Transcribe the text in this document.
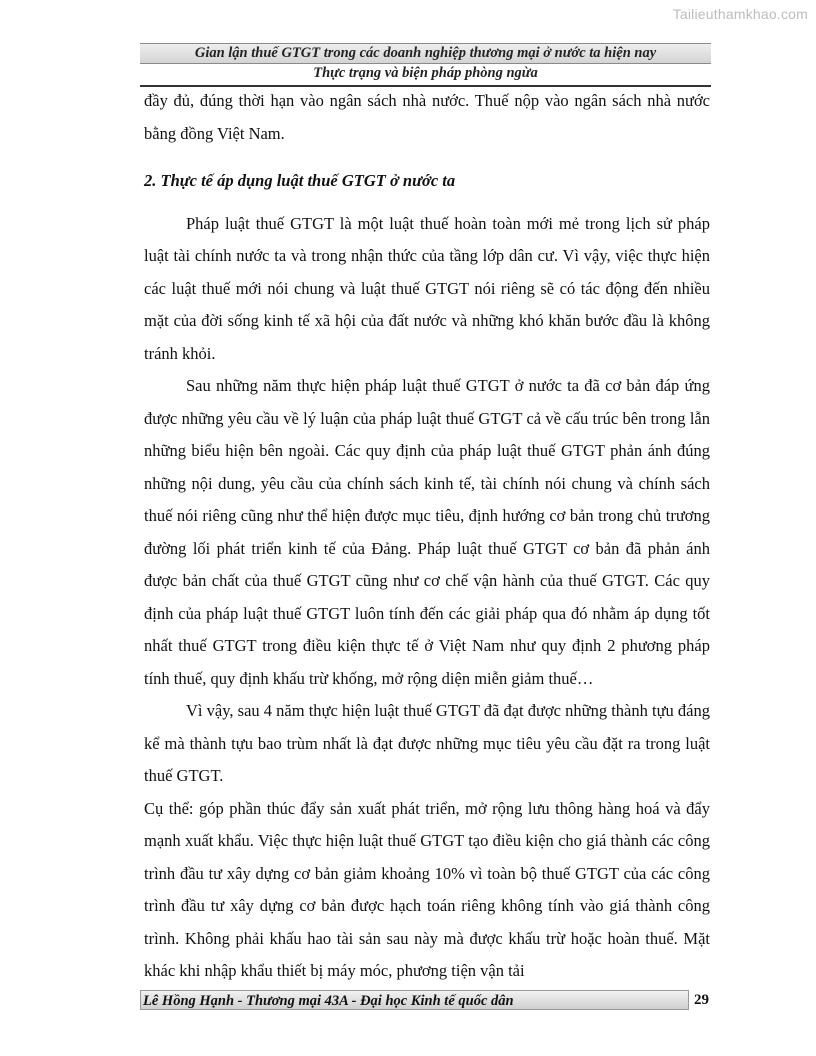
Tailieuthamkhao.com
Gian lận thuế GTGT trong các doanh nghiệp thương mại ở nước ta hiện nay
Thực trạng và biện pháp phòng ngừa

đầy đủ, đúng thời hạn vào ngân sách nhà nước. Thuế nộp vào ngân sách nhà nước bằng đồng Việt Nam.

2. Thực tế áp dụng luật thuế GTGT ở nước ta

Pháp luật thuế GTGT là một luật thuế hoàn toàn mới mẻ trong lịch sử pháp luật tài chính nước ta và trong nhận thức của tầng lớp dân cư. Vì vậy, việc thực hiện các luật thuế mới nói chung và luật thuế GTGT nói riêng sẽ có tác động đến nhiều mặt của đời sống kinh tế xã hội của đất nước và những khó khăn bước đầu là không tránh khỏi.

Sau những năm thực hiện pháp luật thuế GTGT ở nước ta đã cơ bản đáp ứng được những yêu cầu về lý luận của pháp luật thuế GTGT cả về cấu trúc bên trong lẫn những biểu hiện bên ngoài. Các quy định của pháp luật thuế GTGT phản ánh đúng những nội dung, yêu cầu của chính sách kinh tế, tài chính nói chung và chính sách thuế nói riêng cũng như thể hiện được mục tiêu, định hướng cơ bản trong chủ trương đường lối phát triển kinh tế của Đảng. Pháp luật thuế GTGT cơ bản đã phản ánh được bản chất của thuế GTGT cũng như cơ chế vận hành của thuế GTGT. Các quy định của pháp luật thuế GTGT luôn tính đến các giải pháp qua đó nhằm áp dụng tốt nhất thuế GTGT trong điều kiện thực tế ở Việt Nam như quy định 2 phương pháp tính thuế, quy định khấu trừ khống, mở rộng diện miễn giảm thuế…

Vì vậy, sau 4 năm thực hiện luật thuế GTGT đã đạt được những thành tựu đáng kể mà thành tựu bao trùm nhất là đạt được những mục tiêu yêu cầu đặt ra trong luật thuế GTGT.

Cụ thể: góp phần thúc đẩy sản xuất phát triển, mở rộng lưu thông hàng hoá và đẩy mạnh xuất khẩu. Việc thực hiện luật thuế GTGT tạo điều kiện cho giá thành các công trình đầu tư xây dựng cơ bản giảm khoảng 10% vì toàn bộ thuế GTGT của các công trình đầu tư xây dựng cơ bản được hạch toán riêng không tính vào giá thành công trình. Không phải khấu hao tài sản sau này mà được khấu trừ hoặc hoàn thuế. Mặt khác khi nhập khẩu thiết bị máy móc, phương tiện vận tải

Lê Hồng Hạnh - Thương mại 43A - Đại học Kinh tế quốc dân	29
